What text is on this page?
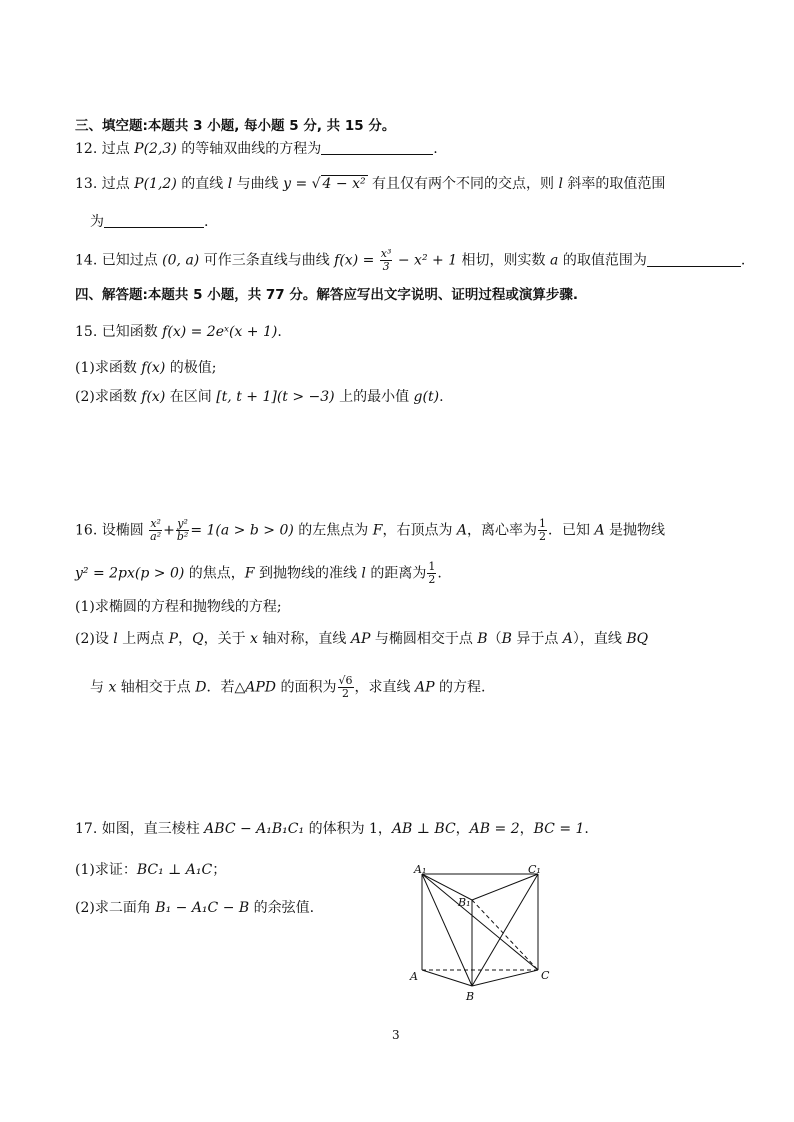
三、填空题:本题共 3 小题, 每小题 5 分, 共 15 分。
12. 过点 P(2,3) 的等轴双曲线的方程为	.
13. 过点 P(1,2) 的直线 l 与曲线 y = √ 4 − x² 有且仅有两个不同的交点，则 l 斜率的取值范围
为	.
14. 已知过点 (0, a) 可作三条直线与曲线 $f(x) = \frac{\text{x³}}{3} - x^2 + 1$ 相切，则实数 a 的取值范围为	.
四、解答题:本题共 5 小题，共 77 分。解答应写出文字说明、证明过程或演算步骤.
15. 已知函数 f(x) = 2eˣ(x + 1).
(1)求函数 f(x) 的极值;
(2)求函数 f(x) 在区间 [t, t + 1](t > −3) 上的最小值 g(t).
16. 设椭圆 $\frac{\text{x²}}{\text{a²}} + \frac{\text{y²}}{\text{b²}} = 1(a > b > 0)$ 的左焦点为 F，右顶点为 A，离心率为 $\frac{1}{2}$ ．已知 A 是抛物线
y² = 2px(p > 0) 的焦点，F 到抛物线的准线 l 的距离为 $\frac{1}{2}$ .
(1)求椭圆的方程和抛物线的方程;
(2)设 l 上两点 P，Q，关于 x 轴对称，直线 AP 与椭圆相交于点 B（B 异于点 A），直线 BQ
与 x 轴相交于点 D．若△APD 的面积为 $\frac{√6}{2}$ ，求直线 AP 的方程.
17. 如图，直三棱柱 ABC − A₁B₁C₁ 的体积为 1，AB ⊥ BC，AB = 2，BC = 1.
(1)求证：BC₁ ⊥ A₁C；
(2)求二面角 B₁ − A₁C − B 的余弦值.
A₁	C₁
B₁
A
B
C
3
